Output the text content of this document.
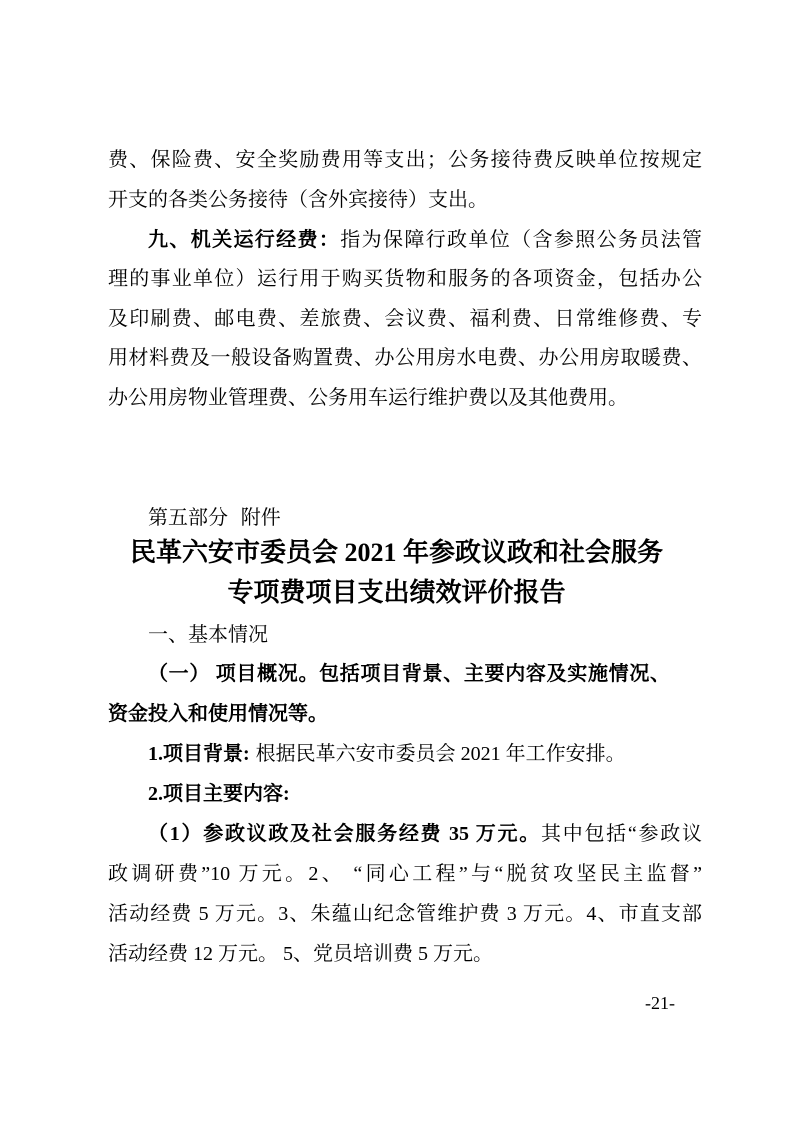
费、保险费、安全奖励费用等支出；公务接待费反映单位按规定
开支的各类公务接待（含外宾接待）支出。
九、机关运行经费：指为保障行政单位（含参照公务员法管
理的事业单位）运行用于购买货物和服务的各项资金，包括办公
及印刷费、邮电费、差旅费、会议费、福利费、日常维修费、专
用材料费及一般设备购置费、办公用房水电费、办公用房取暖费、
办公用房物业管理费、公务用车运行维护费以及其他费用。
第五部分  附件
民革六安市委员会 2021 年参政议政和社会服务
专项费项目支出绩效评价报告
一、基本情况
（一） 项目概况。包括项目背景、主要内容及实施情况、
资金投入和使用情况等。
1.项目背景: 根据民革六安市委员会 2021 年工作安排。
2.项目主要内容:
（1）参政议政及社会服务经费 35 万元。其中包括“参政议
政调研费”10 万元。2、 “同心工程”与“脱贫攻坚民主监督”
活动经费 5 万元。3、朱蕴山纪念管维护费 3 万元。4、市直支部
活动经费 12 万元。 5、党员培训费 5 万元。
-21-
